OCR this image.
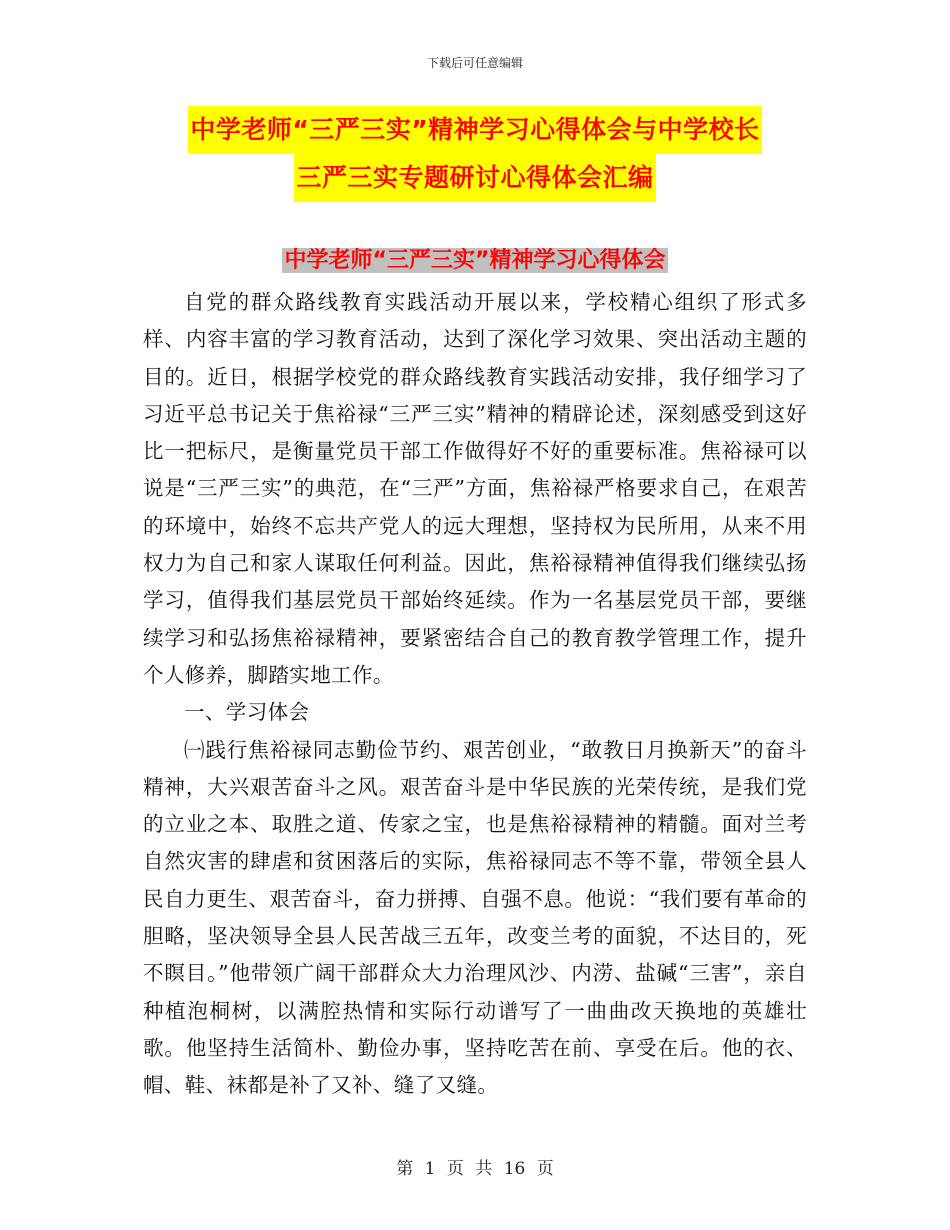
下载后可任意编辑
中学老师“三严三实”精神学习心得体会与中学校长
三严三实专题研讨心得体会汇编
中学老师“三严三实”精神学习心得体会

自党的群众路线教育实践活动开展以来，学校精心组织了形式多样、内容丰富的学习教育活动，达到了深化学习效果、突出活动主题的目的。近日，根据学校党的群众路线教育实践活动安排，我仔细学习了习近平总书记关于焦裕禄“三严三实”精神的精辟论述，深刻感受到这好比一把标尺，是衡量党员干部工作做得好不好的重要标准。焦裕禄可以说是“三严三实”的典范，在“三严”方面，焦裕禄严格要求自己，在艰苦的环境中，始终不忘共产党人的远大理想，坚持权为民所用，从来不用权力为自己和家人谋取任何利益。因此，焦裕禄精神值得我们继续弘扬学习，值得我们基层党员干部始终延续。作为一名基层党员干部，要继续学习和弘扬焦裕禄精神，要紧密结合自己的教育教学管理工作，提升个人修养，脚踏实地工作。

一、学习体会

㈠践行焦裕禄同志勤俭节约、艰苦创业，“敢教日月换新天”的奋斗精神，大兴艰苦奋斗之风。艰苦奋斗是中华民族的光荣传统，是我们党的立业之本、取胜之道、传家之宝，也是焦裕禄精神的精髓。面对兰考自然灾害的肆虐和贫困落后的实际，焦裕禄同志不等不靠，带领全县人民自力更生、艰苦奋斗，奋力拼搏、自强不息。他说：“我们要有革命的胆略，坚决领导全县人民苦战三五年，改变兰考的面貌，不达目的，死不瞑目。”他带领广阔干部群众大力治理风沙、内涝、盐碱“三害”，亲自种植泡桐树，以满腔热情和实际行动谱写了一曲曲改天换地的英雄壮歌。他坚持生活简朴、勤俭办事，坚持吃苦在前、享受在后。他的衣、帽、鞋、袜都是补了又补、缝了又缝。

第 1 页 共 16 页
